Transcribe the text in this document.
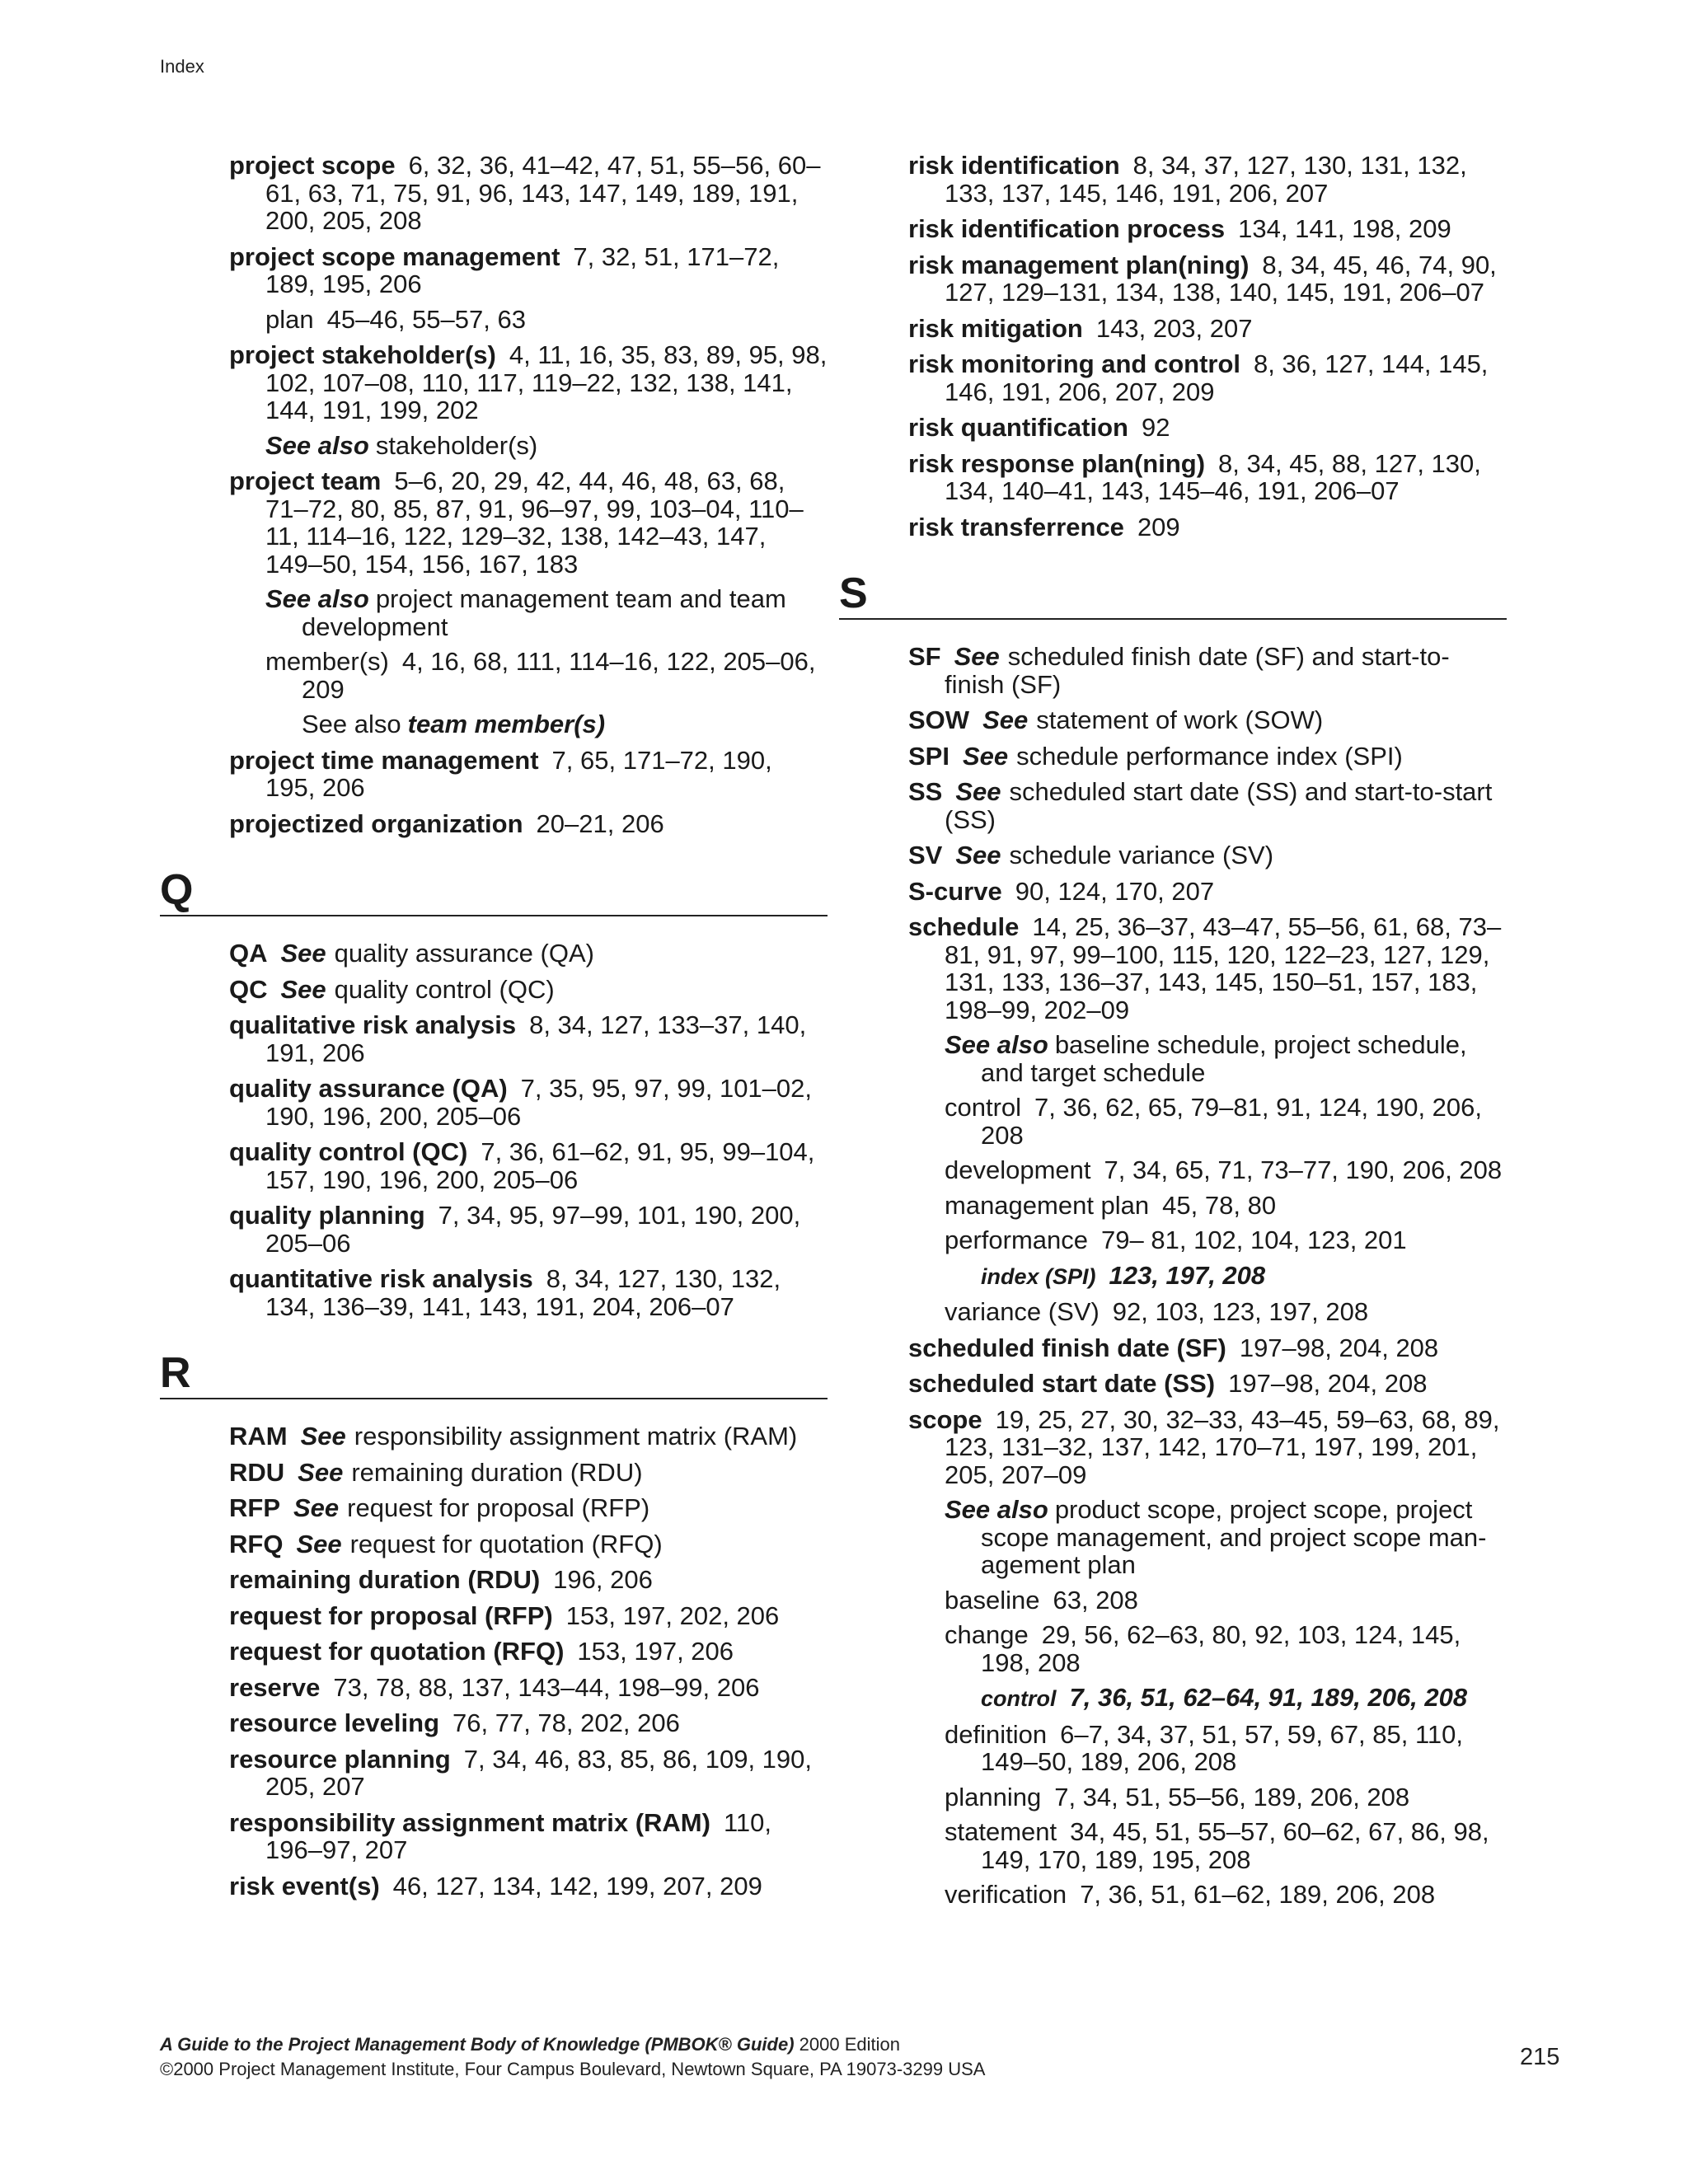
Index
project scope 6, 32, 36, 41–42, 47, 51, 55–56, 60–61, 63, 71, 75, 91, 96, 143, 147, 149, 189, 191, 200, 205, 208
project scope management 7, 32, 51, 171–72, 189, 195, 206
plan 45–46, 55–57, 63
project stakeholder(s) 4, 11, 16, 35, 83, 89, 95, 98, 102, 107–08, 110, 117, 119–22, 132, 138, 141, 144, 191, 199, 202
See also stakeholder(s)
project team 5–6, 20, 29, 42, 44, 46, 48, 63, 68, 71–72, 80, 85, 87, 91, 96–97, 99, 103–04, 110–11, 114–16, 122, 129–32, 138, 142–43, 147, 149–50, 154, 156, 167, 183
See also project management team and team development
member(s) 4, 16, 68, 111, 114–16, 122, 205–06, 209
See also team member(s)
project time management 7, 65, 171–72, 190, 195, 206
projectized organization 20–21, 206
Q
QA See quality assurance (QA)
QC See quality control (QC)
qualitative risk analysis 8, 34, 127, 133–37, 140, 191, 206
quality assurance (QA) 7, 35, 95, 97, 99, 101–02, 190, 196, 200, 205–06
quality control (QC) 7, 36, 61–62, 91, 95, 99–104, 157, 190, 196, 200, 205–06
quality planning 7, 34, 95, 97–99, 101, 190, 200, 205–06
quantitative risk analysis 8, 34, 127, 130, 132, 134, 136–39, 141, 143, 191, 204, 206–07
R
RAM See responsibility assignment matrix (RAM)
RDU See remaining duration (RDU)
RFP See request for proposal (RFP)
RFQ See request for quotation (RFQ)
remaining duration (RDU) 196, 206
request for proposal (RFP) 153, 197, 202, 206
request for quotation (RFQ) 153, 197, 206
reserve 73, 78, 88, 137, 143–44, 198–99, 206
resource leveling 76, 77, 78, 202, 206
resource planning 7, 34, 46, 83, 85, 86, 109, 190, 205, 207
responsibility assignment matrix (RAM) 110, 196–97, 207
risk event(s) 46, 127, 134, 142, 199, 207, 209
risk identification 8, 34, 37, 127, 130, 131, 132, 133, 137, 145, 146, 191, 206, 207
risk identification process 134, 141, 198, 209
risk management plan(ning) 8, 34, 45, 46, 74, 90, 127, 129–131, 134, 138, 140, 145, 191, 206–07
risk mitigation 143, 203, 207
risk monitoring and control 8, 36, 127, 144, 145, 146, 191, 206, 207, 209
risk quantification 92
risk response plan(ning) 8, 34, 45, 88, 127, 130, 134, 140–41, 143, 145–46, 191, 206–07
risk transferrence 209
S
SF See scheduled finish date (SF) and start-to-finish (SF)
SOW See statement of work (SOW)
SPI See schedule performance index (SPI)
SS See scheduled start date (SS) and start-to-start (SS)
SV See schedule variance (SV)
S-curve 90, 124, 170, 207
schedule 14, 25, 36–37, 43–47, 55–56, 61, 68, 73–81, 91, 97, 99–100, 115, 120, 122–23, 127, 129, 131, 133, 136–37, 143, 145, 150–51, 157, 183, 198–99, 202–09
See also baseline schedule, project schedule, and target schedule
control 7, 36, 62, 65, 79–81, 91, 124, 190, 206, 208
development 7, 34, 65, 71, 73–77, 190, 206, 208
management plan 45, 78, 80
performance 79– 81, 102, 104, 123, 201
index (SPI) 123, 197, 208
variance (SV) 92, 103, 123, 197, 208
scheduled finish date (SF) 197–98, 204, 208
scheduled start date (SS) 197–98, 204, 208
scope 19, 25, 27, 30, 32–33, 43–45, 59–63, 68, 89, 123, 131–32, 137, 142, 170–71, 197, 199, 201, 205, 207–09
See also product scope, project scope, project scope management, and project scope man- agement plan
baseline 63, 208
change 29, 56, 62–63, 80, 92, 103, 124, 145, 198, 208
control 7, 36, 51, 62–64, 91, 189, 206, 208
definition 6–7, 34, 37, 51, 57, 59, 67, 85, 110, 149–50, 189, 206, 208
planning 7, 34, 51, 55–56, 189, 206, 208
statement 34, 45, 51, 55–57, 60–62, 67, 86, 98, 149, 170, 189, 195, 208
verification 7, 36, 51, 61–62, 189, 206, 208
A Guide to the Project Management Body of Knowledge (PMBOK® Guide) 2000 Edition
©2000 Project Management Institute, Four Campus Boulevard, Newtown Square, PA 19073-3299 USA	215
